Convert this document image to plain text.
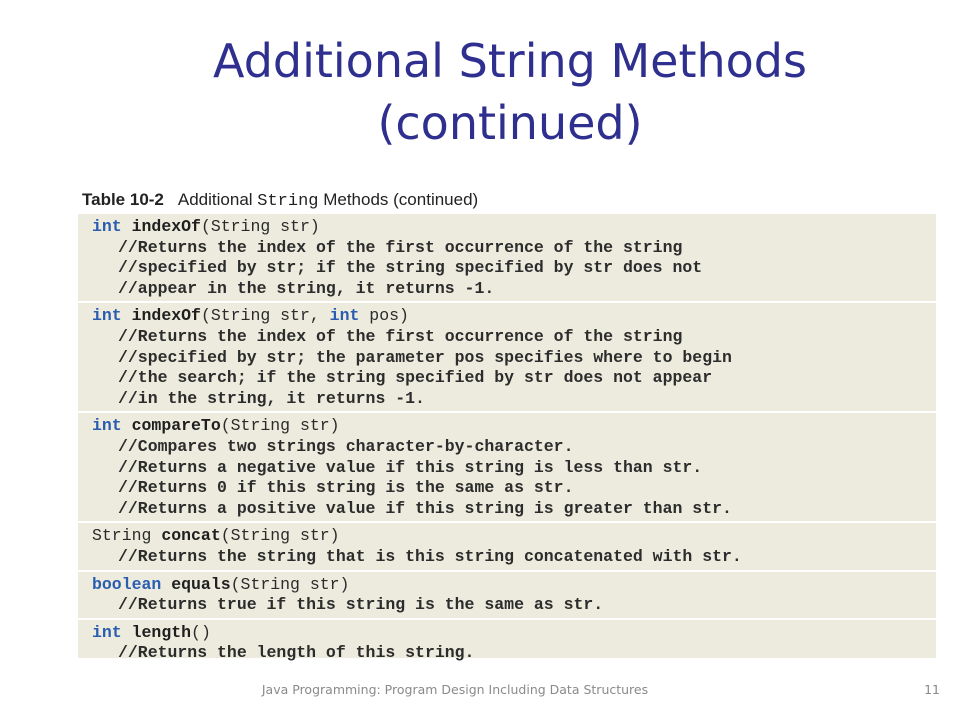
Additional String Methods
(continued)
Table 10-2 Additional String Methods (continued)
int indexOf(String str)
//Returns the index of the first occurrence of the string
//specified by str; if the string specified by str does not
//appear in the string, it returns -1.
int indexOf(String str, int pos)
//Returns the index of the first occurrence of the string
//specified by str; the parameter pos specifies where to begin
//the search; if the string specified by str does not appear
//in the string, it returns -1.
int compareTo(String str)
//Compares two strings character-by-character.
//Returns a negative value if this string is less than str.
//Returns 0 if this string is the same as str.
//Returns a positive value if this string is greater than str.
String concat(String str)
//Returns the string that is this string concatenated with str.
boolean equals(String str)
//Returns true if this string is the same as str.
int length()
//Returns the length of this string.
Java Programming: Program Design Including Data Structures	11
